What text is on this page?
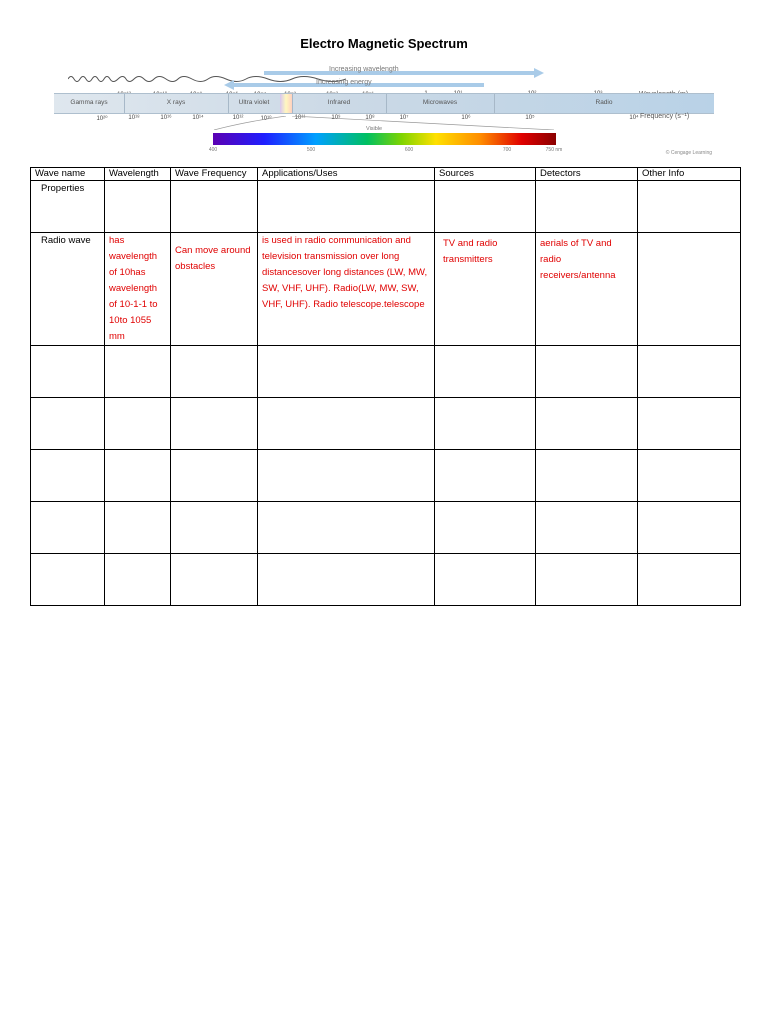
Electro Magnetic Spectrum
Increasing wavelength
Increasing energy
Gamma rays	X rays	Ultra violet	Infrared	Microwaves	Radio
10²⁰	10¹⁸	10¹⁶	10¹⁴	10¹²	10¹⁰	10¹¹	10⁹	10⁸	10⁷	10⁶	10⁵	10⁴ Frequency (s⁻¹)
Visible
400	500	600	700	750 nm	© Cengage Learning
Wave name	Wavelength	Wave Frequency	Applications/Uses	Sources	Detectors	Other Info

Properties						

Radio wave	has wavelength of 10has wavelength of 10-1-1 to 10to 1055 mm	Can move around obstacles	is used in radio communication and television transmission over long distancesover long distances (LW, MW, SW, VHF, UHF). Radio(LW, MW, SW, VHF, UHF). Radio telescope.telescope	TV and radio transmitters	aerials of TV and radio receivers/antenna	
